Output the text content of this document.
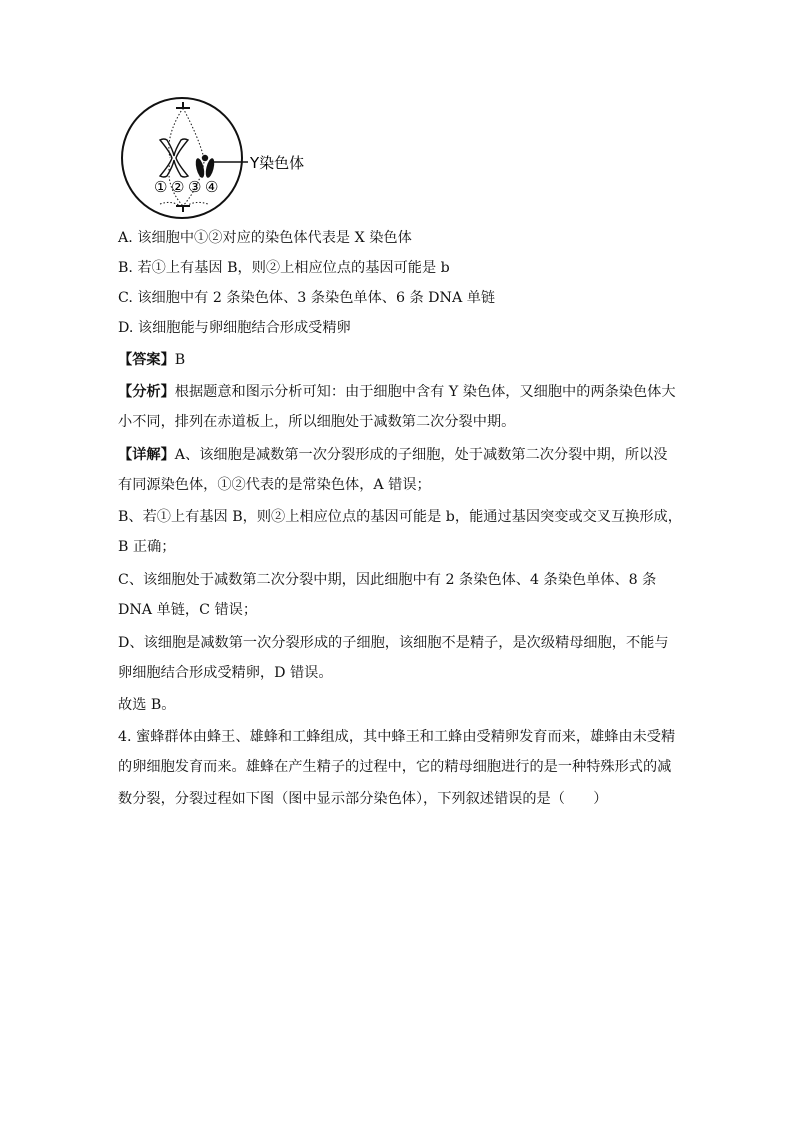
Y染色体
① ② ③ ④
A. 该细胞中①②对应的染色体代表是 X 染色体
B. 若①上有基因 B，则②上相应位点的基因可能是 b
C. 该细胞中有 2 条染色体、3 条染色单体、6 条 DNA 单链
D. 该细胞能与卵细胞结合形成受精卵
【答案】B
【分析】根据题意和图示分析可知：由于细胞中含有 Y 染色体，又细胞中的两条染色体大
小不同，排列在赤道板上，所以细胞处于减数第二次分裂中期。
【详解】A、该细胞是减数第一次分裂形成的子细胞，处于减数第二次分裂中期，所以没
有同源染色体，①②代表的是常染色体，A 错误；
B、若①上有基因 B，则②上相应位点的基因可能是 b，能通过基因突变或交叉互换形成，
B 正确；
C、该细胞处于减数第二次分裂中期，因此细胞中有 2 条染色体、4 条染色单体、8 条
DNA 单链，C 错误；
D、该细胞是减数第一次分裂形成的子细胞，该细胞不是精子，是次级精母细胞，不能与
卵细胞结合形成受精卵，D 错误。
故选 B。
4. 蜜蜂群体由蜂王、雄蜂和工蜂组成，其中蜂王和工蜂由受精卵发育而来，雄蜂由未受精
的卵细胞发育而来。雄蜂在产生精子的过程中，它的精母细胞进行的是一种特殊形式的减
数分裂，分裂过程如下图（图中显示部分染色体），下列叙述错误的是（　　）
